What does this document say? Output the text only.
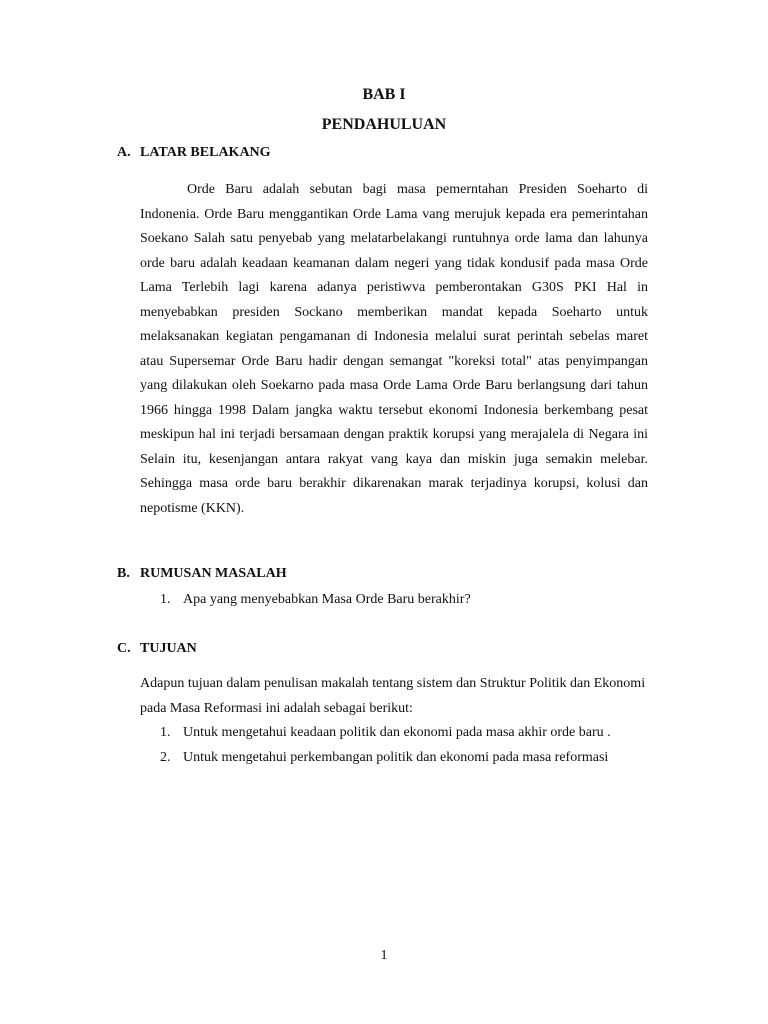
BAB I
PENDAHULUAN
A. LATAR BELAKANG

Orde Baru adalah sebutan bagi masa pemerntahan Presiden Soeharto di Indonenia. Orde Baru menggantikan Orde Lama vang merujuk kepada era pemerintahan Soekano Salah satu penyebab yang melatarbelakangi runtuhnya orde lama dan lahunya orde baru adalah keadaan keamanan dalam negeri yang tidak kondusif pada masa Orde Lama Terlebih lagi karena adanya peristiwva pemberontakan G30S PKI Hal in menyebabkan presiden Sockano memberikan mandat kepada Soeharto untuk melaksanakan kegiatan pengamanan di Indonesia melalui surat perintah sebelas maret atau Supersemar Orde Baru hadir dengan semangat "koreksi total" atas penyimpangan yang dilakukan oleh Soekarno pada masa Orde Lama Orde Baru berlangsung dari tahun 1966 hingga 1998 Dalam jangka waktu tersebut ekonomi Indonesia berkembang pesat meskipun hal ini terjadi bersamaan dengan praktik korupsi yang merajalela di Negara ini Selain itu, kesenjangan antara rakyat vang kaya dan miskin juga semakin melebar. Sehingga masa orde baru berakhir dikarenakan marak terjadinya korupsi, kolusi dan nepotisme (KKN).

B. RUMUSAN MASALAH
1. Apa yang menyebabkan Masa Orde Baru berakhir?
C. TUJUAN

Adapun tujuan dalam penulisan makalah tentang sistem dan Struktur Politik dan Ekonomi pada Masa Reformasi ini adalah sebagai berikut:

1. Untuk mengetahui keadaan politik dan ekonomi pada masa akhir orde baru .
2. Untuk mengetahui perkembangan politik dan ekonomi pada masa reformasi
1
